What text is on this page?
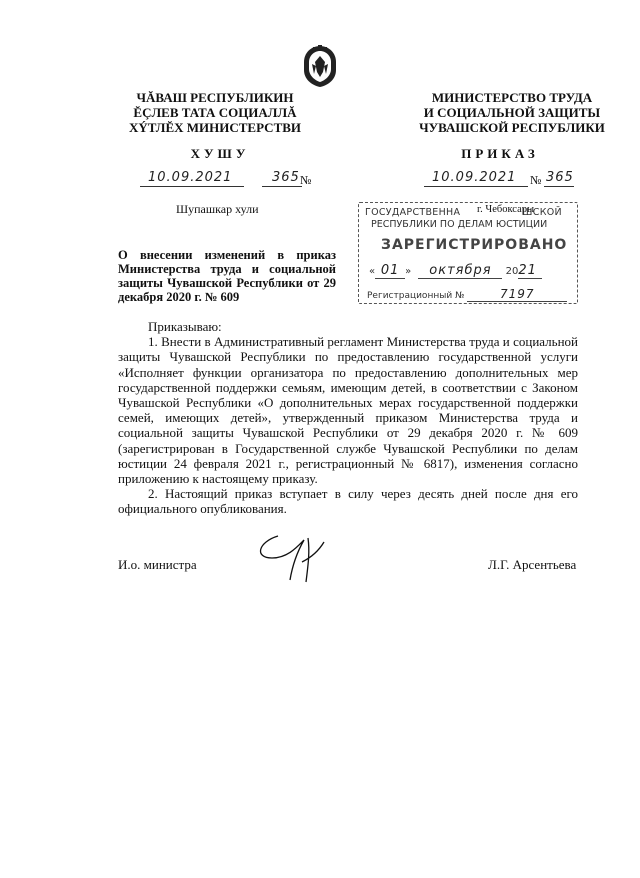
ЧĂВАШ РЕСПУБЛИКИН
ĔÇЛЕВ ТАТА СОЦИАЛЛĂ
ХÝТЛĔХ МИНИСТЕРСТВИ
МИНИСТЕРСТВО ТРУДА
И СОЦИАЛЬНОЙ ЗАЩИТЫ
ЧУВАШСКОЙ РЕСПУБЛИКИ
ХУШУ	ПРИКАЗ
10.09.2021	365 №	10.09.2021 № 365
Шупашкар хули	ГОСУДАРСТВЕННА	ШСКОЙ
г. Чебоксары
РЕСПУБЛИКИ ПО ДЕЛАМ ЮСТИЦИИ
ЗАРЕГИСТРИРОВАНО
« 01 » октября 2021
Регистрационный №	7197
О внесении изменений в приказ Министерства труда и социальной защиты Чувашской Республики от 29 декабря 2020 г. № 609

Приказываю:

1. Внести в Административный регламент Министерства труда и социальной защиты Чувашской Республики по предоставлению государственной услуги «Исполняет функции организатора по предоставлению дополнительных мер государственной поддержки семьям, имеющим детей, в соответствии с Законом Чувашской Республики «О дополнительных мерах государственной поддержки семей, имеющих детей», утвержденный приказом Министерства труда и социальной защиты Чувашской Республики от 29 декабря 2020 г. № 609 (зарегистрирован в Государственной службе Чувашской Республики по делам юстиции 24 февраля 2021 г., регистрационный № 6817), изменения согласно приложению к настоящему приказу.

2. Настоящий приказ вступает в силу через десять дней после дня его официального опубликования.

И.о. министра	Л.Г. Арсентьева
